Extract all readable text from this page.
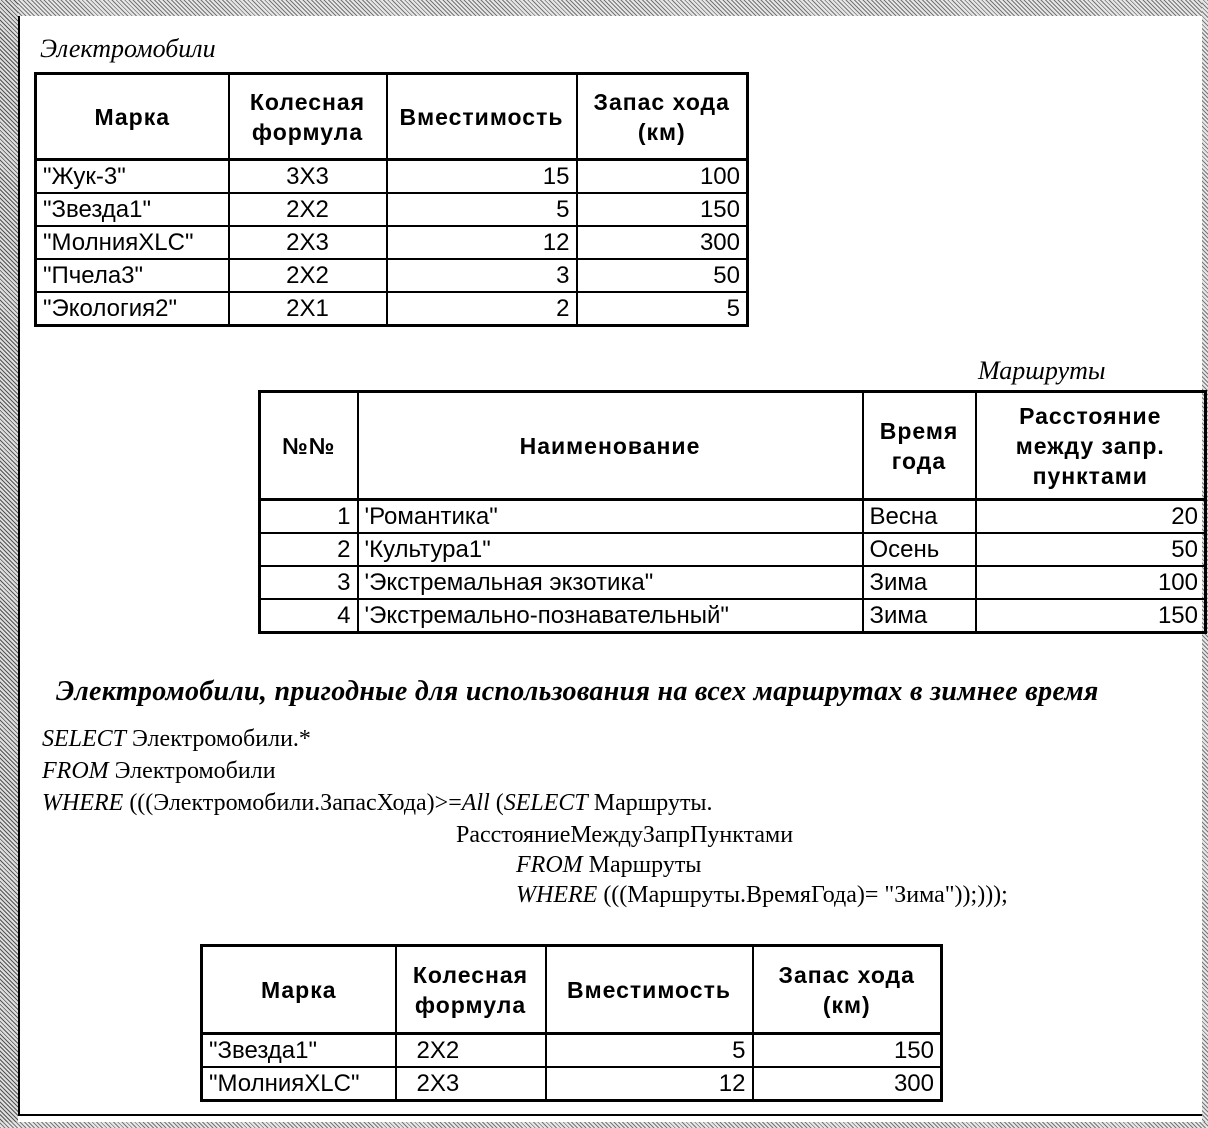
Электромобили
Марка	Колесная формула	Вместимость	Запас хода (км)
"Жук-3"	3X3	15	100
"Звезда1"	2X2	5	150
"МолнияXLC"	2X3	12	300
"Пчела3"	2X2	3	50
"Экология2"	2X1	2	5
Маршруты
№№	Наименование	Время года	Расстояние между запр. пунктами
1	'Романтика"	Весна	20
2	'Культура1"	Осень	50
3	'Экстремальная экзотика"	Зима	100
4	'Экстремально-познавательный"	Зима	150
Электромобили, пригодные для использования на всех маршрутах в зимнее время
SELECT Электромобили.*
FROM Электромобили
WHERE (((Электромобили.ЗапасХода)>=All (SELECT Маршруты.
РасстояниеМеждуЗапрПунктами
FROM Маршруты
WHERE (((Маршруты.ВремяГода)= "Зима"));)));
Марка	Колесная формула	Вместимость	Запас хода (км)
"Звезда1"	2X2	5	150
"МолнияXLC"	2X3	12	300
